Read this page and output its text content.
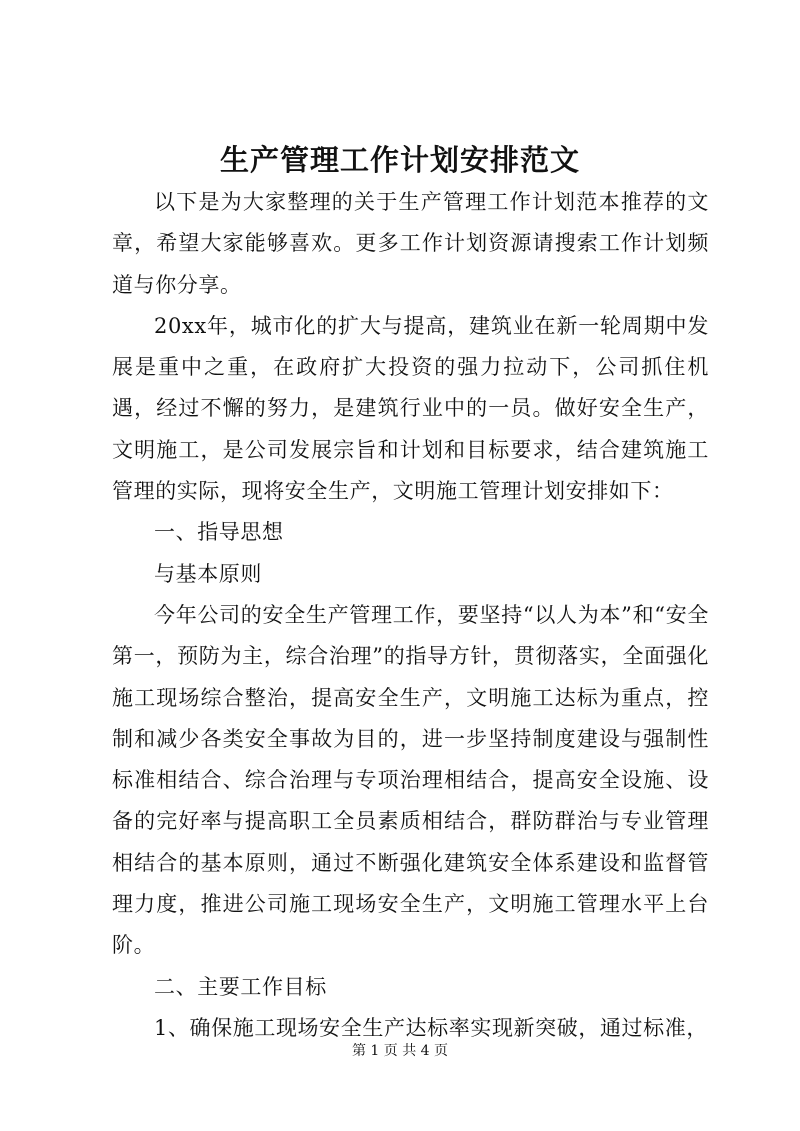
生产管理工作计划安排范文

以下是为大家整理的关于生产管理工作计划范本推荐的文章，希望大家能够喜欢。更多工作计划资源请搜索工作计划频道与你分享。

20xx年，城市化的扩大与提高，建筑业在新一轮周期中发展是重中之重，在政府扩大投资的强力拉动下，公司抓住机遇，经过不懈的努力，是建筑行业中的一员。做好安全生产，文明施工，是公司发展宗旨和计划和目标要求，结合建筑施工管理的实际，现将安全生产，文明施工管理计划安排如下：

一、指导思想

与基本原则

今年公司的安全生产管理工作，要坚持“以人为本”和“安全第一，预防为主，综合治理”的指导方针，贯彻落实，全面强化施工现场综合整治，提高安全生产，文明施工达标为重点，控制和减少各类安全事故为目的，进一步坚持制度建设与强制性标准相结合、综合治理与专项治理相结合，提高安全设施、设备的完好率与提高职工全员素质相结合，群防群治与专业管理相结合的基本原则，通过不断强化建筑安全体系建设和监督管理力度，推进公司施工现场安全生产，文明施工管理水平上台阶。

二、主要工作目标

1、确保施工现场安全生产达标率实现新突破，通过标准，

第 1 页 共 4 页
